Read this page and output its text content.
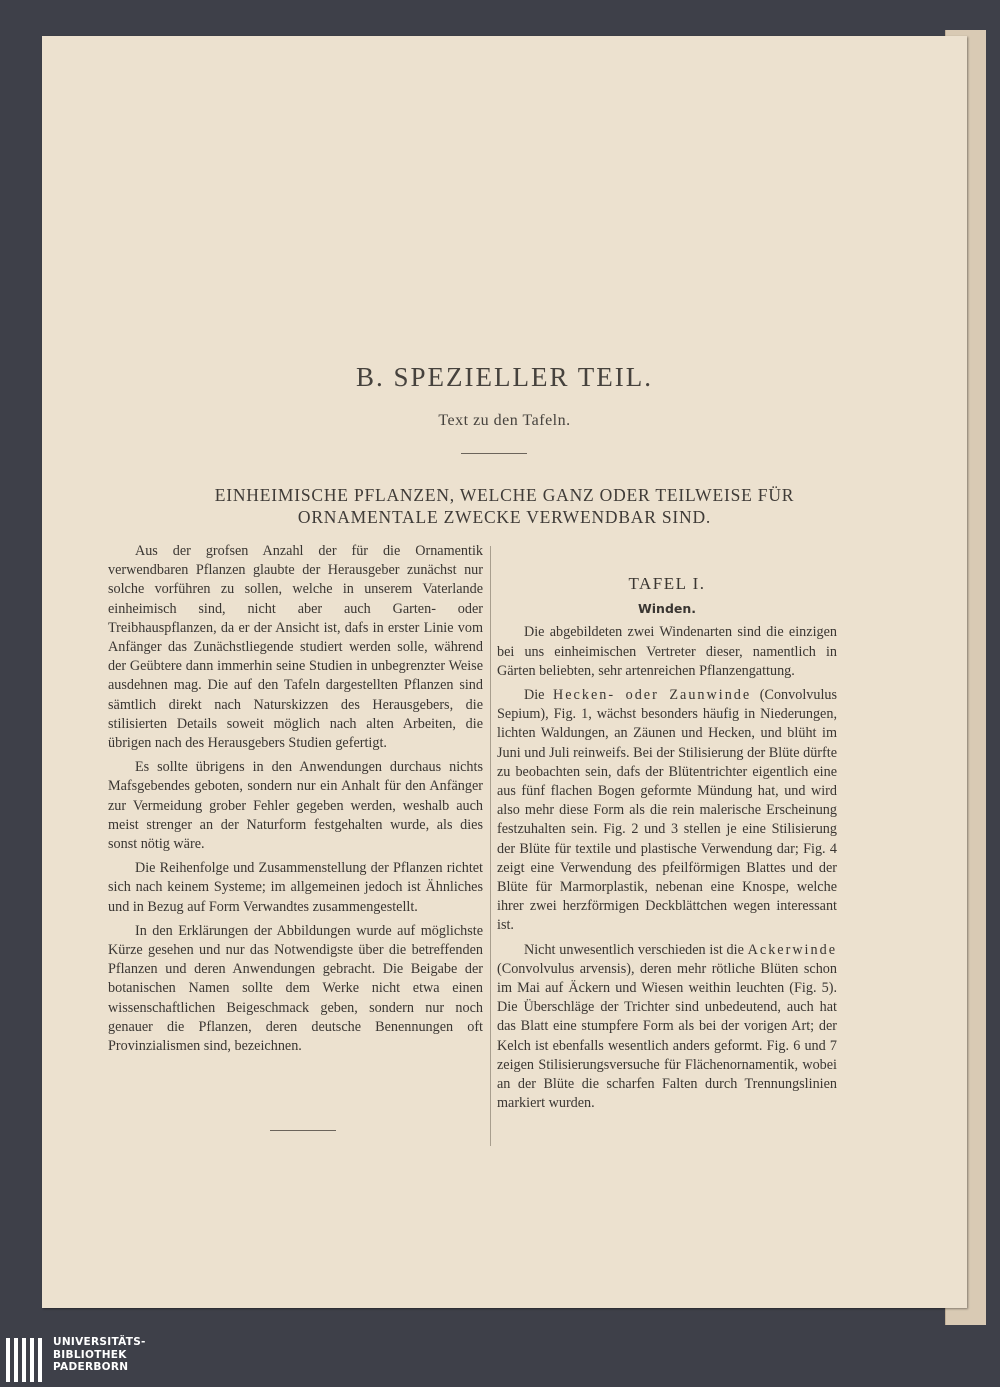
B. SPEZIELLER TEIL.
Text zu den Tafeln.
EINHEIMISCHE PFLANZEN, WELCHE GANZ ODER TEILWEISE FÜR
ORNAMENTALE ZWECKE VERWENDBAR SIND.

Aus der grofsen Anzahl der für die Ornamentik verwendbaren Pflanzen glaubte der Herausgeber zunächst nur solche vorführen zu sollen, welche in unserem Vaterlande einheimisch sind, nicht aber auch Garten- oder Treibhauspflanzen, da er der Ansicht ist, dafs in erster Linie vom Anfänger das Zunächstliegende studiert werden solle, während der Geübtere dann immerhin seine Studien in unbegrenzter Weise ausdehnen mag. Die auf den Tafeln dargestellten Pflanzen sind sämtlich direkt nach Naturskizzen des Herausgebers, die stilisierten Details soweit möglich nach alten Arbeiten, die übrigen nach des Herausgebers Studien gefertigt.

Es sollte übrigens in den Anwendungen durchaus nichts Mafsgebendes geboten, sondern nur ein Anhalt für den Anfänger zur Vermeidung grober Fehler gegeben werden, weshalb auch meist strenger an der Naturform festgehalten wurde, als dies sonst nötig wäre.

Die Reihenfolge und Zusammenstellung der Pflanzen richtet sich nach keinem Systeme; im allgemeinen jedoch ist Ähnliches und in Bezug auf Form Verwandtes zusammengestellt.

In den Erklärungen der Abbildungen wurde auf möglichste Kürze gesehen und nur das Notwendigste über die betreffenden Pflanzen und deren Anwendungen gebracht. Die Beigabe der botanischen Namen sollte dem Werke nicht etwa einen wissenschaftlichen Beigeschmack geben, sondern nur noch genauer die Pflanzen, deren deutsche Benennungen oft Provinzialismen sind, bezeichnen.

TAFEL I.
Winden.

Die abgebildeten zwei Windenarten sind die einzigen bei uns einheimischen Vertreter dieser, namentlich in Gärten beliebten, sehr artenreichen Pflanzengattung.

Die Hecken- oder Zaunwinde (Convolvulus Sepium), Fig. 1, wächst besonders häufig in Niederungen, lichten Waldungen, an Zäunen und Hecken, und blüht im Juni und Juli reinweifs. Bei der Stilisierung der Blüte dürfte zu beobachten sein, dafs der Blütentrichter eigentlich eine aus fünf flachen Bogen geformte Mündung hat, und wird also mehr diese Form als die rein malerische Erscheinung festzuhalten sein. Fig. 2 und 3 stellen je eine Stilisierung der Blüte für textile und plastische Verwendung dar; Fig. 4 zeigt eine Verwendung des pfeilförmigen Blattes und der Blüte für Marmorplastik, nebenan eine Knospe, welche ihrer zwei herzförmigen Deckblättchen wegen interessant ist.

Nicht unwesentlich verschieden ist die Ackerwinde (Convolvulus arvensis), deren mehr rötliche Blüten schon im Mai auf Äckern und Wiesen weithin leuchten (Fig. 5). Die Überschläge der Trichter sind unbedeutend, auch hat das Blatt eine stumpfere Form als bei der vorigen Art; der Kelch ist ebenfalls wesentlich anders geformt. Fig. 6 und 7 zeigen Stilisierungsversuche für Flächenornamentik, wobei an der Blüte die scharfen Falten durch Trennungslinien markiert wurden.

UNIVERSITÄTS-
BIBLIOTHEK
PADERBORN
